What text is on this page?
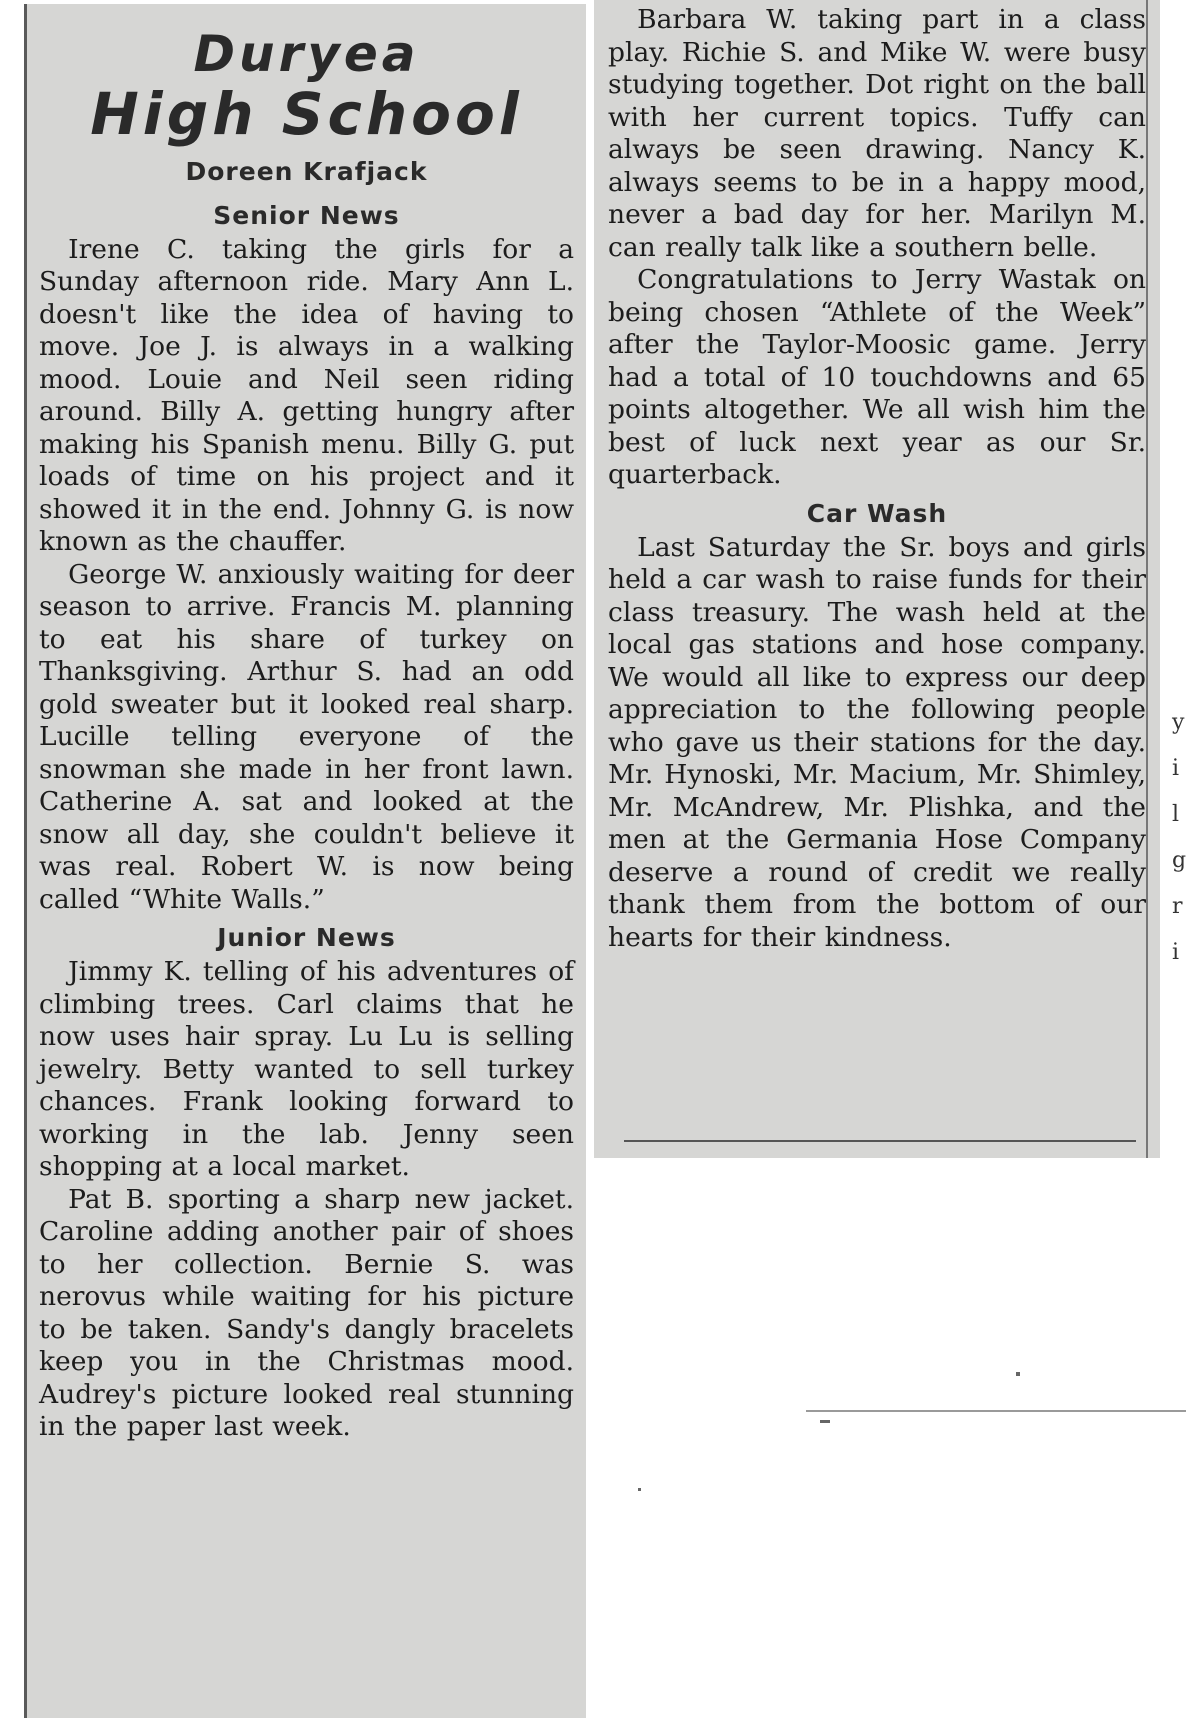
Duryea
High School
Doreen Krafjack
Senior News

Irene C. taking the girls for a Sunday afternoon ride. Mary Ann L. doesn't like the idea of having to move. Joe J. is always in a walking mood. Louie and Neil seen riding around. Billy A. getting hungry after making his Spanish menu. Billy G. put loads of time on his project and it showed it in the end. Johnny G. is now known as the chauffer.

George W. anxiously waiting for deer season to arrive. Francis M. planning to eat his share of turkey on Thanksgiving. Arthur S. had an odd gold sweater but it looked real sharp. Lucille telling everyone of the snowman she made in her front lawn. Catherine A. sat and looked at the snow all day, she couldn't believe it was real. Robert W. is now being called “White Walls.”

Junior News

Jimmy K. telling of his adventures of climbing trees. Carl claims that he now uses hair spray. Lu Lu is selling jewelry. Betty wanted to sell turkey chances. Frank looking forward to working in the lab. Jenny seen shopping at a local market.

Pat B. sporting a sharp new jacket. Caroline adding another pair of shoes to her collection. Bernie S. was nerovus while waiting for his picture to be taken. Sandy's dangly bracelets keep you in the Christmas mood. Audrey's picture looked real stunning in the paper last week.

Barbara W. taking part in a class play. Richie S. and Mike W. were busy studying together. Dot right on the ball with her current topics. Tuffy can always be seen drawing. Nancy K. always seems to be in a happy mood, never a bad day for her. Marilyn M. can really talk like a southern belle.

Congratulations to Jerry Wastak on being chosen “Athlete of the Week” after the Taylor-Moosic game. Jerry had a total of 10 touchdowns and 65 points altogether. We all wish him the best of luck next year as our Sr. quarterback.

Car Wash

Last Saturday the Sr. boys and girls held a car wash to raise funds for their class treasury. The wash held at the local gas stations and hose company. We would all like to express our deep appreciation to the following people who gave us their stations for the day. Mr. Hynoski, Mr. Macium, Mr. Shimley, Mr. McAndrew, Mr. Plishka, and the men at the Germania Hose Company deserve a round of credit we really thank them from the bottom of our hearts for their kindness.

y
i
l
g
r
i
